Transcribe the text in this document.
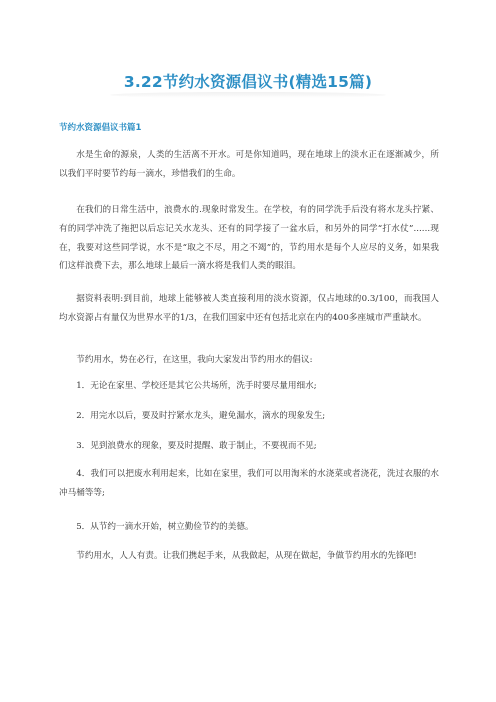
3.22节约水资源倡议书(精选15篇)
节约水资源倡议书篇1

水是生命的源泉，人类的生活离不开水。可是你知道吗，现在地球上的淡水正在逐渐减少，所以我们平时要节约每一滴水，珍惜我们的生命。

在我们的日常生活中，浪费水的.现象时常发生。在学校，有的同学洗手后没有将水龙头拧紧、有的同学冲洗了拖把以后忘记关水龙头、还有的同学接了一盆水后，和另外的同学“打水仗”......现在，我要对这些同学说，水不是“取之不尽，用之不竭”的，节约用水是每个人应尽的义务，如果我们这样浪费下去，那么地球上最后一滴水将是我们人类的眼泪。

据资料表明:到目前，地球上能够被人类直接利用的淡水资源，仅占地球的0.3/100，而我国人均水资源占有量仅为世界水平的1/3，在我们国家中还有包括北京在内的400多座城市严重缺水。

节约用水，势在必行，在这里，我向大家发出节约用水的倡议:

1．无论在家里、学校还是其它公共场所，洗手时要尽量用细水;

2．用完水以后，要及时拧紧水龙头，避免漏水，滴水的现象发生;

3．见到浪费水的现象，要及时提醒、敢于制止，不要视而不见;

4．我们可以把废水利用起来，比如在家里，我们可以用淘米的水浇菜或者浇花，洗过衣服的水冲马桶等等;

5．从节约一滴水开始，树立勤俭节约的美德。

节约用水，人人有责。让我们携起手来，从我做起，从现在做起，争做节约用水的先锋吧!
